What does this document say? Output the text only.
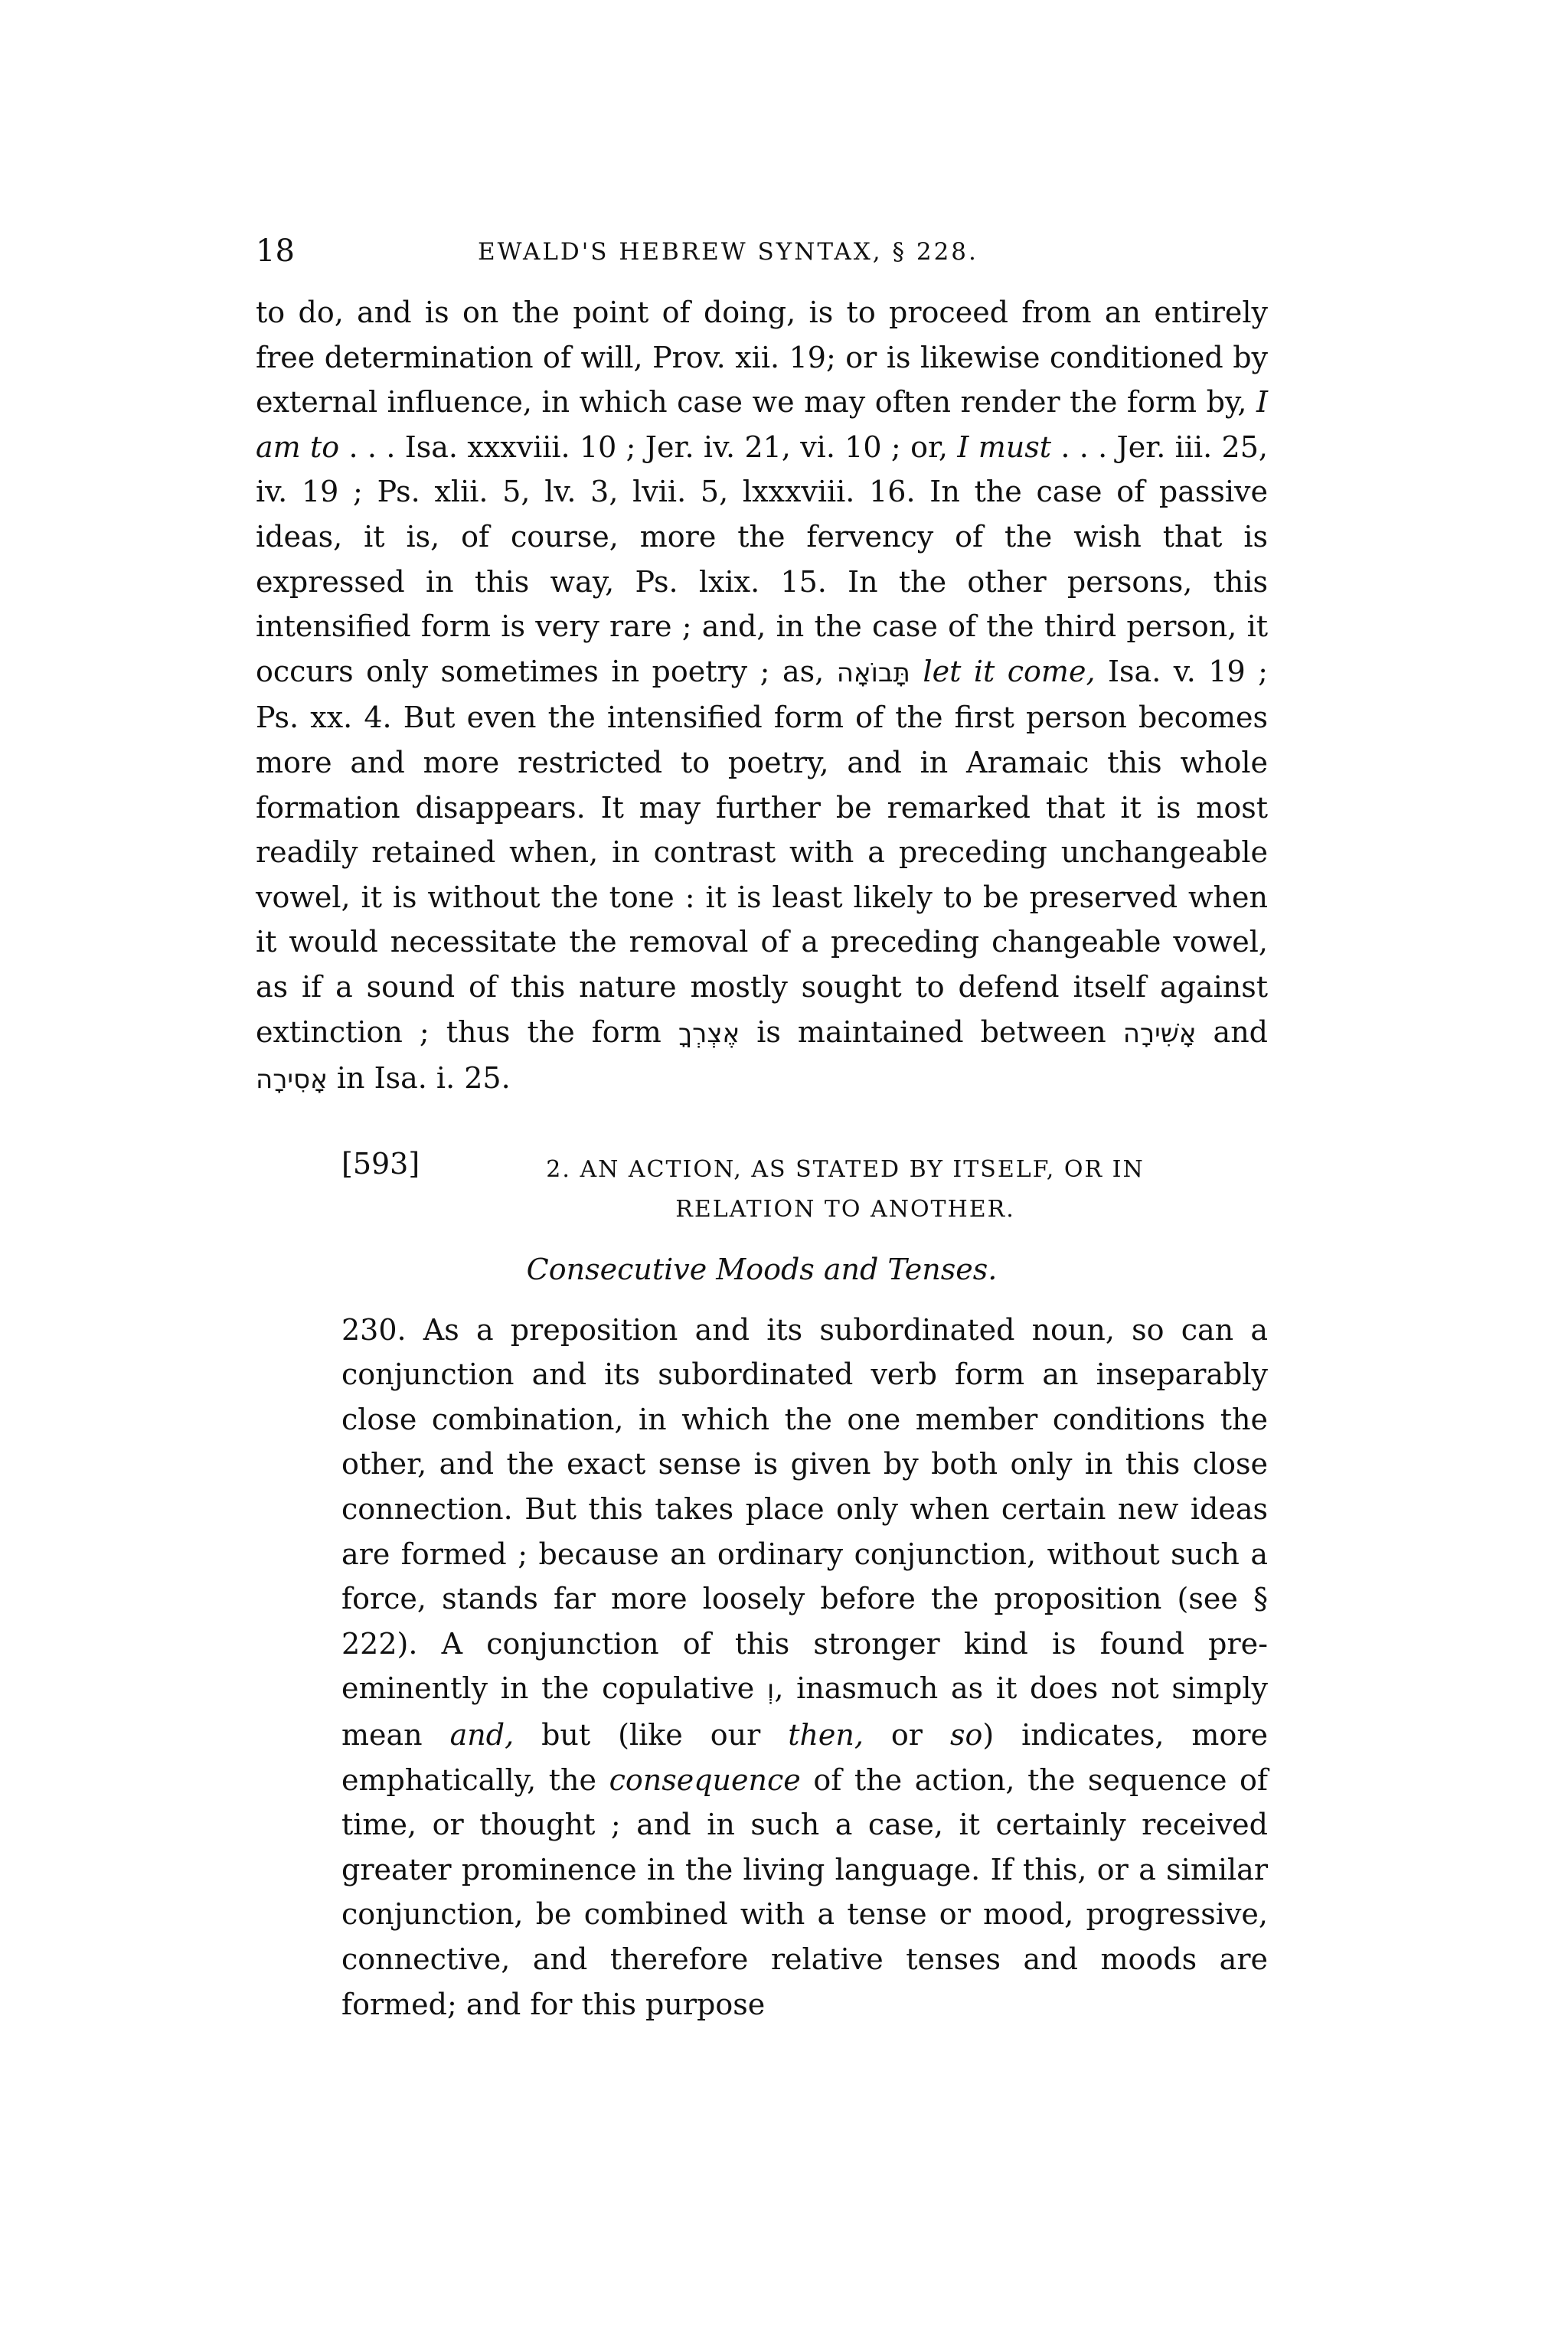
18	EWALD'S HEBREW SYNTAX, § 228.

to do, and is on the point of doing, is to proceed from an entirely free determination of will, Prov. xii. 19; or is likewise conditioned by external influence, in which case we may often render the form by, I am to . . . Isa. xxxviii. 10 ; Jer. iv. 21, vi. 10 ; or, I must . . . Jer. iii. 25, iv. 19 ; Ps. xlii. 5, lv. 3, lvii. 5, lxxxviii. 16. In the case of passive ideas, it is, of course, more the fervency of the wish that is expressed in this way, Ps. lxix. 15. In the other persons, this intensified form is very rare ; and, in the case of the third person, it occurs only sometimes in poetry ; as, תָּבוֹאָה let it come, Isa. v. 19 ; Ps. xx. 4. But even the intensified form of the first person becomes more and more restricted to poetry, and in Aramaic this whole formation disappears. It may further be remarked that it is most readily retained when, in contrast with a preceding unchangeable vowel, it is without the tone : it is least likely to be preserved when it would necessitate the removal of a preceding changeable vowel, as if a sound of this nature mostly sought to defend itself against extinction ; thus the form אֶצְרְךָ is maintained between אָשִׁירָה and אָסִירָה in Isa. i. 25.

[593]	2. AN ACTION, AS STATED BY ITSELF, OR IN
RELATION TO ANOTHER.
Consecutive Moods and Tenses.

230. As a preposition and its subordinated noun, so can a conjunction and its subordinated verb form an inseparably close combination, in which the one member conditions the other, and the exact sense is given by both only in this close connection. But this takes place only when certain new ideas are formed ; because an ordinary conjunction, without such a force, stands far more loosely before the proposition (see § 222). A conjunction of this stronger kind is found pre-eminently in the copulative וְ, inasmuch as it does not simply mean and, but (like our then, or so) indicates, more emphatically, the consequence of the action, the sequence of time, or thought ; and in such a case, it certainly received greater prominence in the living language. If this, or a similar conjunction, be combined with a tense or mood, progressive, connective, and therefore relative tenses and moods are formed; and for this purpose
